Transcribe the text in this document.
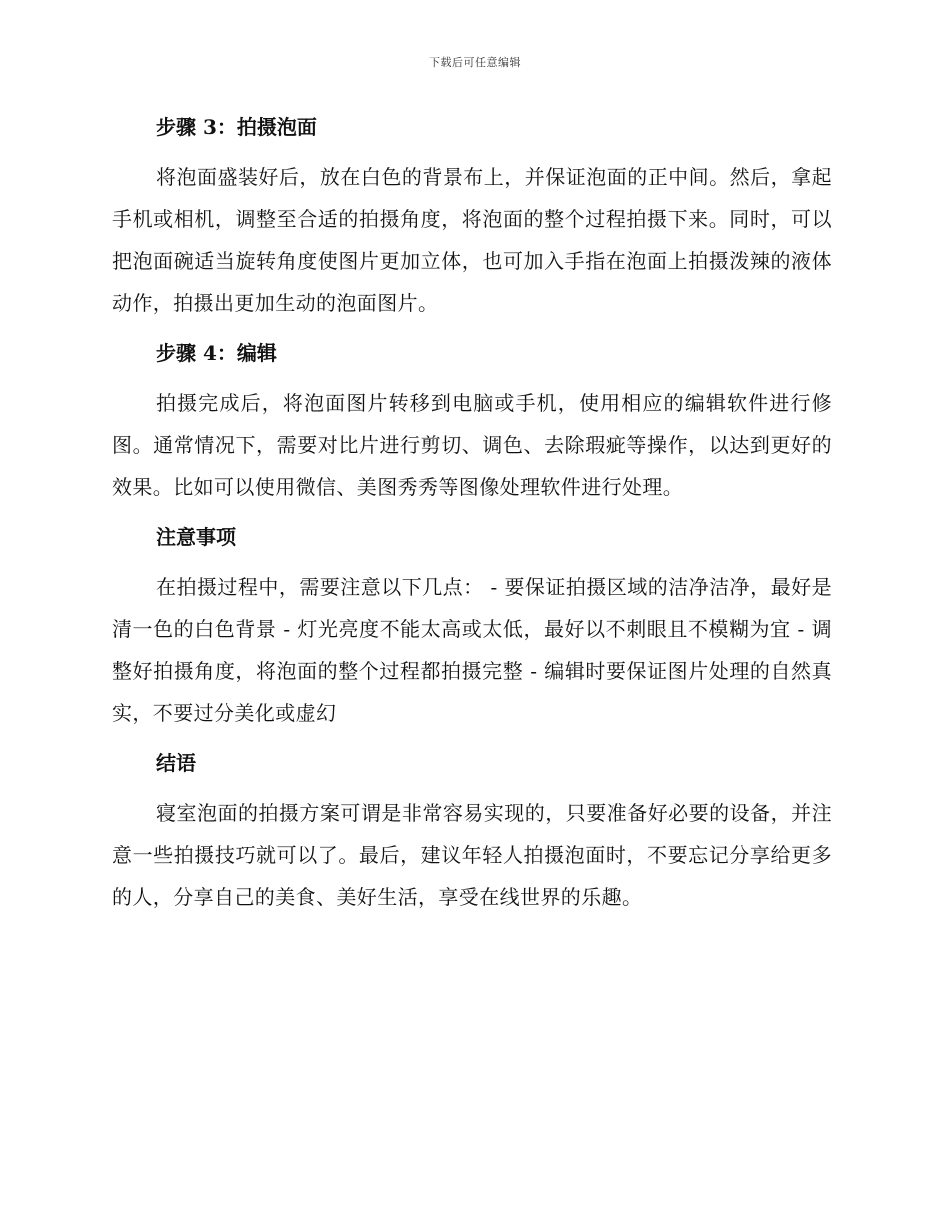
下载后可任意编辑
步骤 3：拍摄泡面

将泡面盛装好后，放在白色的背景布上，并保证泡面的正中间。然后，拿起手机或相机，调整至合适的拍摄角度，将泡面的整个过程拍摄下来。同时，可以把泡面碗适当旋转角度使图片更加立体，也可加入手指在泡面上拍摄泼辣的液体动作，拍摄出更加生动的泡面图片。

步骤 4：编辑

拍摄完成后，将泡面图片转移到电脑或手机，使用相应的编辑软件进行修图。通常情况下，需要对比片进行剪切、调色、去除瑕疵等操作，以达到更好的效果。比如可以使用微信、美图秀秀等图像处理软件进行处理。

注意事项

在拍摄过程中，需要注意以下几点： - 要保证拍摄区域的洁净洁净，最好是清一色的白色背景 - 灯光亮度不能太高或太低，最好以不刺眼且不模糊为宜 - 调整好拍摄角度，将泡面的整个过程都拍摄完整 - 编辑时要保证图片处理的自然真实，不要过分美化或虚幻

结语

寝室泡面的拍摄方案可谓是非常容易实现的，只要准备好必要的设备，并注意一些拍摄技巧就可以了。最后，建议年轻人拍摄泡面时，不要忘记分享给更多的人，分享自己的美食、美好生活，享受在线世界的乐趣。
